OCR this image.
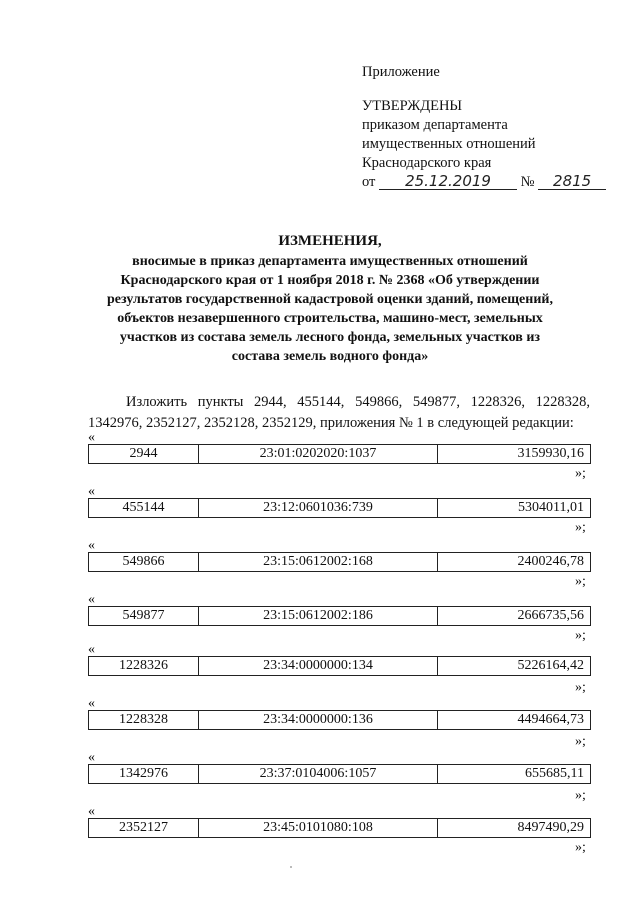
Приложение
УТВЕРЖДЕНЫ
приказом департамента
имущественных отношений
Краснодарского края
от 25.12.2019 № 2815
ИЗМЕНЕНИЯ,
вносимые в приказ департамента имущественных отношений
Краснодарского края от 1 ноября 2018 г. № 2368 «Об утверждении
результатов государственной кадастровой оценки зданий, помещений,
объектов незавершенного строительства, машино-мест, земельных
участков из состава земель лесного фонда, земельных участков из
состава земель водного фонда»
Изложить пункты 2944, 455144, 549866, 549877, 1228326, 1228328,
1342976, 2352127, 2352128, 2352129, приложения № 1 в следующей редакции:
«
2944	23:01:0202020:1037	3159930,16
»;
«
455144	23:12:0601036:739	5304011,01
»;
«
549866	23:15:0612002:168	2400246,78
»;
«
549877	23:15:0612002:186	2666735,56
»;
«
1228326	23:34:0000000:134	5226164,42
»;
«
1228328	23:34:0000000:136	4494664,73
»;
«
1342976	23:37:0104006:1057	655685,11
»;
«
2352127	23:45:0101080:108	8497490,29
»;
